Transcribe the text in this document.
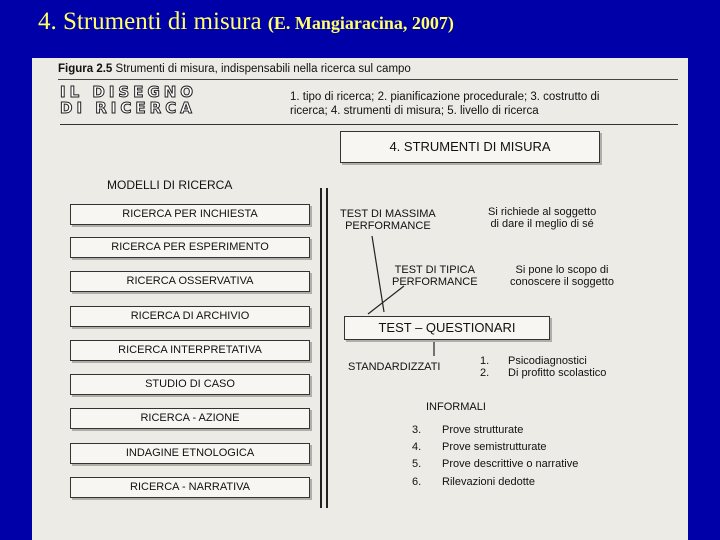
4. Strumenti di misura (E. Mangiaracina, 2007)
Figura 2.5 Strumenti di misura, indispensabili nella ricerca sul campo
IL DISEGNO
DI RICERCA
1. tipo di ricerca; 2. pianificazione procedurale; 3. costrutto di ricerca; 4. strumenti di misura; 5. livello di ricerca
4. STRUMENTI DI MISURA
MODELLI DI RICERCA
RICERCA PER INCHIESTA
RICERCA PER ESPERIMENTO
RICERCA OSSERVATIVA
RICERCA DI ARCHIVIO
RICERCA INTERPRETATIVA
STUDIO DI CASO
RICERCA - AZIONE
INDAGINE ETNOLOGICA
RICERCA - NARRATIVA
TEST DI MASSIMA
PERFORMANCE
Si richiede al soggetto
di dare il meglio di sé
TEST DI TIPICA
PERFORMANCE
Si pone lo scopo di
conoscere il soggetto
TEST – QUESTIONARI
STANDARDIZZATI	1. Psicodiagnostici
2. Di profitto scolastico
INFORMALI
3. Prove strutturate
4. Prove semistrutturate
5. Prove descrittive o narrative
6. Rilevazioni dedotte
